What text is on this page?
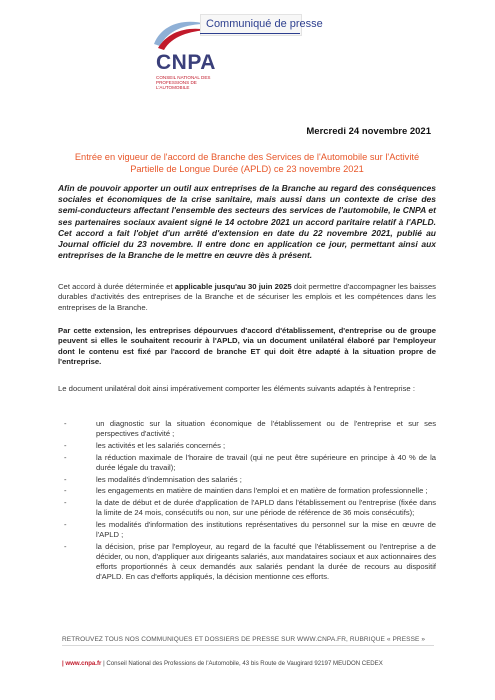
CNPA
CONSEIL NATIONAL DES PROFESSIONS DE L'AUTOMOBILE
Communiqué de presse
Mercredi 24 novembre 2021
Entrée en vigueur de l'accord de Branche des Services de l'Automobile sur l'Activité Partielle de Longue Durée (APLD) ce 23 novembre 2021
Afin de pouvoir apporter un outil aux entreprises de la Branche au regard des conséquences sociales et économiques de la crise sanitaire, mais aussi dans un contexte de crise des semi-conducteurs affectant l'ensemble des secteurs des services de l'automobile, le CNPA et ses partenaires sociaux avaient signé le 14 octobre 2021 un accord paritaire relatif à l'APLD. Cet accord a fait l'objet d'un arrêté d'extension en date du 22 novembre 2021, publié au Journal officiel du 23 novembre. Il entre donc en application ce jour, permettant ainsi aux entreprises de la Branche de le mettre en œuvre dès à présent.
Cet accord à durée déterminée et applicable jusqu'au 30 juin 2025 doit permettre d'accompagner les baisses durables d'activités des entreprises de la Branche et de sécuriser les emplois et les compétences dans les entreprises de la Branche.
Par cette extension, les entreprises dépourvues d'accord d'établissement, d'entreprise ou de groupe peuvent si elles le souhaitent recourir à l'APLD, via un document unilatéral élaboré par l'employeur dont le contenu est fixé par l'accord de branche ET qui doit être adapté à la situation propre de l'entreprise.
Le document unilatéral doit ainsi impérativement comporter les éléments suivants adaptés à l'entreprise :
-	un diagnostic sur la situation économique de l'établissement ou de l'entreprise et sur ses perspectives d'activité ;
-	les activités et les salariés concernés ;
-	la réduction maximale de l'horaire de travail (qui ne peut être supérieure en principe à 40 % de la durée légale du travail);
-	les modalités d'indemnisation des salariés ;
-	les engagements en matière de maintien dans l'emploi et en matière de formation professionnelle ;
-	la date de début et de durée d'application de l'APLD dans l'établissement ou l'entreprise (fixée dans la limite de 24 mois, consécutifs ou non, sur une période de référence de 36 mois consécutifs);
-	les modalités d'information des institutions représentatives du personnel sur la mise en œuvre de l'APLD ;
-	la décision, prise par l'employeur, au regard de la faculté que l'établissement ou l'entreprise a de décider, ou non, d'appliquer aux dirigeants salariés, aux mandataires sociaux et aux actionnaires des efforts proportionnés à ceux demandés aux salariés pendant la durée de recours au dispositif d'APLD. En cas d'efforts appliqués, la décision mentionne ces efforts.
RETROUVEZ TOUS NOS COMMUNIQUES ET DOSSIERS DE PRESSE SUR WWW.CNPA.FR, RUBRIQUE « PRESSE »
| www.cnpa.fr | Conseil National des Professions de l'Automobile, 43 bis Route de Vaugirard 92197 MEUDON CEDEX
